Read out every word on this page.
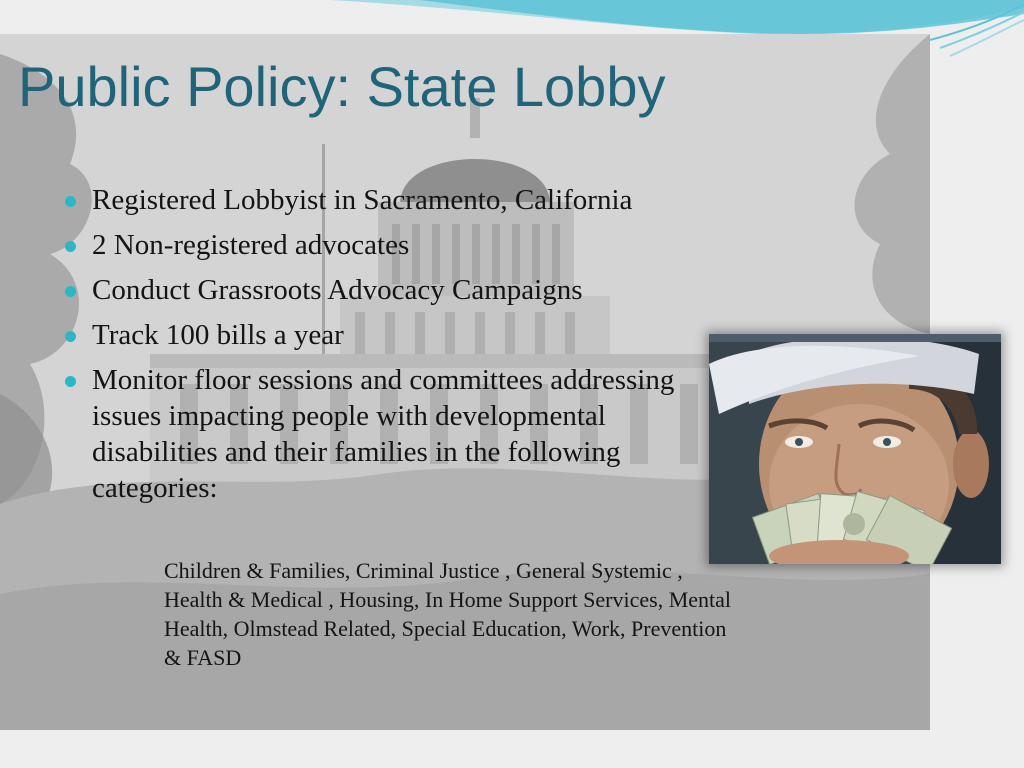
Public Policy: State Lobby
Registered Lobbyist in Sacramento, California
2 Non-registered advocates
Conduct Grassroots Advocacy Campaigns
Track 100 bills a year
Monitor floor sessions and committees addressing issues impacting people with developmental disabilities and their families in the following categories:
Children & Families, Criminal Justice , General Systemic , Health & Medical , Housing, In Home Support Services, Mental Health, Olmstead Related, Special Education, Work, Prevention & FASD
